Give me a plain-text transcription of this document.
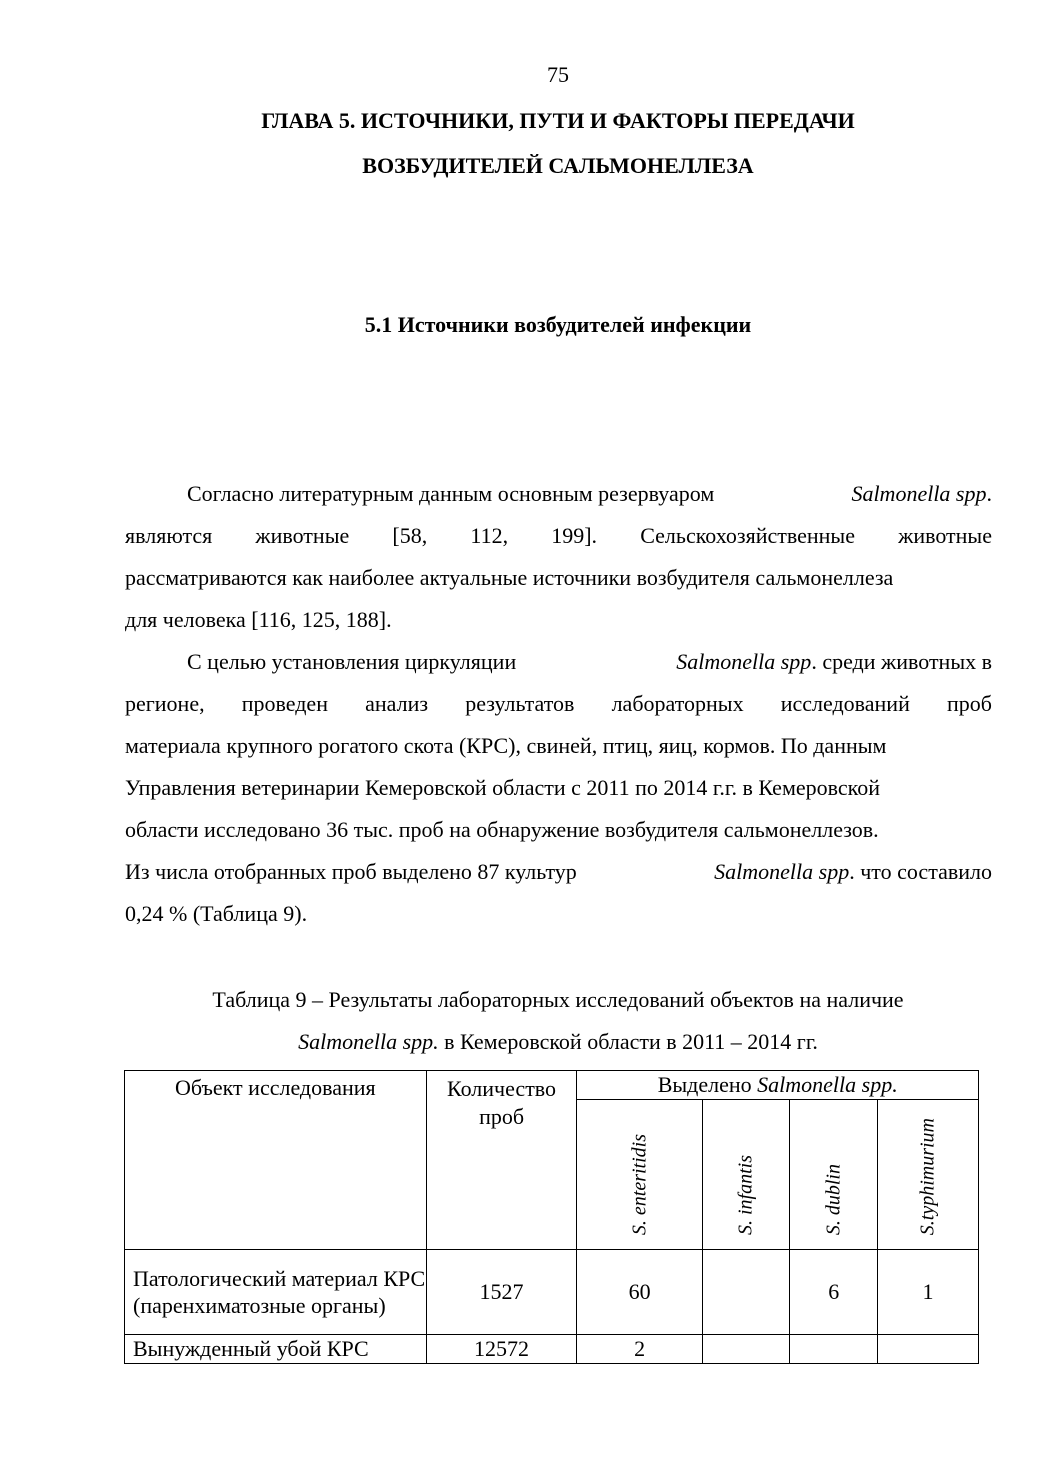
75
ГЛАВА 5. ИСТОЧНИКИ, ПУТИ И ФАКТОРЫ ПЕРЕДАЧИ
ВОЗБУДИТЕЛЕЙ САЛЬМОНЕЛЛЕЗА
5.1 Источники возбудителей инфекции
Согласно литературным данным основным резервуаром	Salmonella spp.
являются животные [58, 112, 199]. Сельскохозяйственные животные
рассматриваются как наиболее актуальные источники возбудителя сальмонеллеза
для человека [116, 125, 188].
С целью установления циркуляции	Salmonella spp. среди животных в
регионе, проведен анализ результатов лабораторных исследований проб
материала крупного рогатого скота (КРС), свиней, птиц, яиц, кормов. По данным
Управления ветеринарии Кемеровской области с 2011 по 2014 г.г. в Кемеровской
области исследовано 36 тыс. проб на обнаружение возбудителя сальмонеллезов.
Из числа отобранных проб выделено 87 культур	Salmonella spp. что составило
0,24 % (Таблица 9).
Таблица 9 – Результаты лабораторных исследований объектов на наличие
Salmonella spp. в Кемеровской области в 2011 – 2014 гг.
Объект исследования	Количество проб	Выделено Salmonella spp.			

		S. enteritidis	S. infantis	S. dublin	S.typhimurium

Патологический материал КРС (паренхиматозные органы)	1527	60		6	1
Вынужденный убой КРС	12572	2			
